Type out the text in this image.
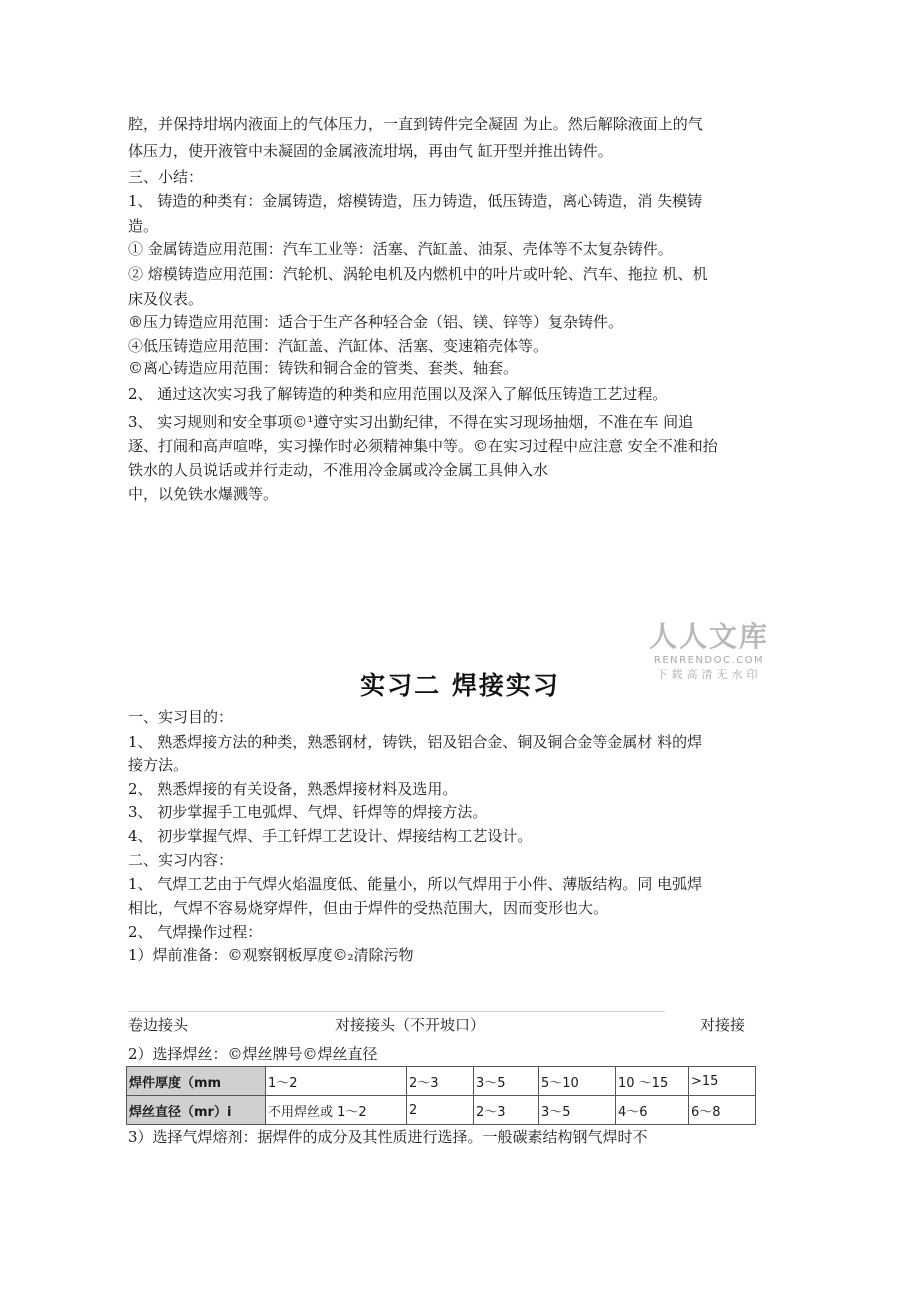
腔，并保持坩埚内液面上的气体压力，一直到铸件完全凝固 为止。然后解除液面上的气
体压力，使开液管中未凝固的金属液流坩埚，再由气 缸开型并推出铸件。
三、小结：
1、 铸造的种类有：金属铸造，熔模铸造，压力铸造，低压铸造，离心铸造，消 失模铸
造。
① 金属铸造应用范围：汽车工业等：活塞、汽缸盖、油泵、壳体等不太复杂铸件。
② 熔模铸造应用范围：汽轮机、涡轮电机及内燃机中的叶片或叶轮、汽车、拖拉 机、机
床及仪表。
®压力铸造应用范围：适合于生产各种轻合金（铝、镁、锌等）复杂铸件。
④低压铸造应用范围：汽缸盖、汽缸体、活塞、变速箱壳体等。
©离心铸造应用范围：铸铁和铜合金的管类、套类、轴套。
2、 通过这次实习我了解铸造的种类和应用范围以及深入了解低压铸造工艺过程。
3、 实习规则和安全事项©¹遵守实习出勤纪律，不得在实习现场抽烟，不准在车 间追
逐、打闹和高声喧哗，实习操作时必须精神集中等。©在实习过程中应注意 安全不准和抬
铁水的人员说话或并行走动，不准用冷金属或冷金属工具伸入水
中，以免铁水爆溅等。
人人文库
RENRENDOC.COM
下载高清无水印
实习二 焊接实习
一、实习目的：
1、 熟悉焊接方法的种类，熟悉钢材，铸铁，铝及铝合金、铜及铜合金等金属材 料的焊
接方法。
2、 熟悉焊接的有关设备，熟悉焊接材料及选用。
3、 初步掌握手工电弧焊、气焊、钎焊等的焊接方法。
4、 初步掌握气焊、手工钎焊工艺设计、焊接结构工艺设计。
二、实习内容：
1、 气焊工艺由于气焊火焰温度低、能量小，所以气焊用于小件、薄版结构。同 电弧焊
相比，气焊不容易烧穿焊件，但由于焊件的受热范围大，因而变形也大。
2、 气焊操作过程：
1）焊前准备：©观察钢板厚度©₂清除污物
卷边接头	对接接头（不开坡口）	对接接
2）选择焊丝：©焊丝牌号©焊丝直径
焊件厚度（mm	1〜2	2〜3	3〜5	5〜10	10 〜15	>15
焊丝直径（mr）i	不用焊丝或 1〜2	2	2〜3	3〜5	4〜6	6〜8
3）选择气焊熔剂：据焊件的成分及其性质进行选择。一般碳素结构钢气焊时不
